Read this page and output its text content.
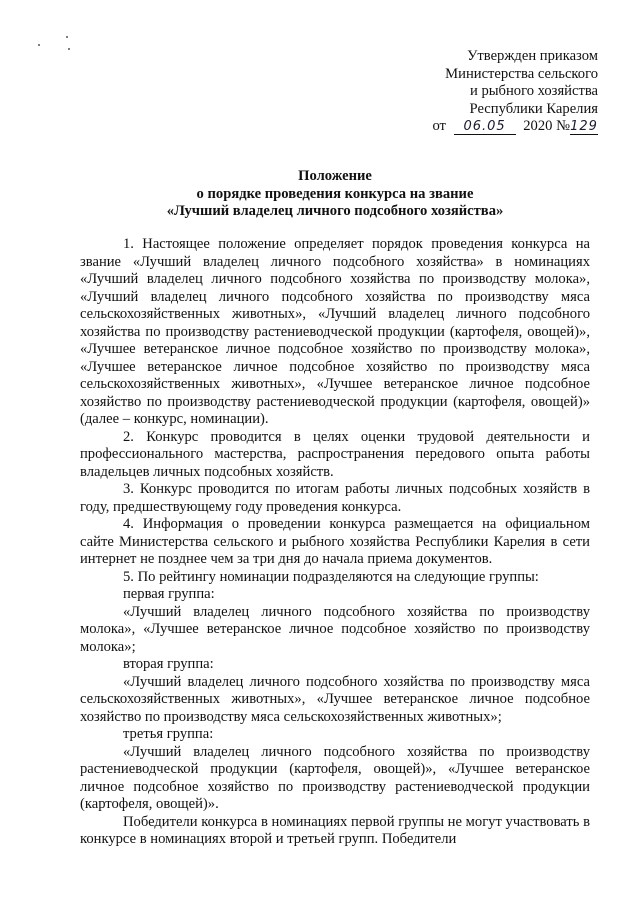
Утвержден приказом
Министерства сельского
и рыбного хозяйства
Республики Карелия
от 06.05 2020 №129
Положение
о порядке проведения конкурса на звание
«Лучший владелец личного подсобного хозяйства»

1. Настоящее положение определяет порядок проведения конкурса на звание «Лучший владелец личного подсобного хозяйства» в номинациях «Лучший владелец личного подсобного хозяйства по производству молока», «Лучший владелец личного подсобного хозяйства по производству мяса сельскохозяйственных животных», «Лучший владелец личного подсобного хозяйства по производству растениеводческой продукции (картофеля, овощей)», «Лучшее ветеранское личное подсобное хозяйство по производству молока», «Лучшее ветеранское личное подсобное хозяйство по производству мяса сельскохозяйственных животных», «Лучшее ветеранское личное подсобное хозяйство по производству растениеводческой продукции (картофеля, овощей)» (далее – конкурс, номинации).

2. Конкурс проводится в целях оценки трудовой деятельности и профессионального мастерства, распространения передового опыта работы владельцев личных подсобных хозяйств.

3. Конкурс проводится по итогам работы личных подсобных хозяйств в году, предшествующему году проведения конкурса.

4. Информация о проведении конкурса размещается на официальном сайте Министерства сельского и рыбного хозяйства Республики Карелия в сети интернет не позднее чем за три дня до начала приема документов.

5. По рейтингу номинации подразделяются на следующие группы:

первая группа:

«Лучший владелец личного подсобного хозяйства по производству молока», «Лучшее ветеранское личное подсобное хозяйство по производству молока»;

вторая группа:

«Лучший владелец личного подсобного хозяйства по производству мяса сельскохозяйственных животных», «Лучшее ветеранское личное подсобное хозяйство по производству мяса сельскохозяйственных животных»;

третья группа:

«Лучший владелец личного подсобного хозяйства по производству растениеводческой продукции (картофеля, овощей)», «Лучшее ветеранское личное подсобное хозяйство по производству растениеводческой продукции (картофеля, овощей)».

Победители конкурса в номинациях первой группы не могут участвовать в конкурсе в номинациях второй и третьей групп. Победители
